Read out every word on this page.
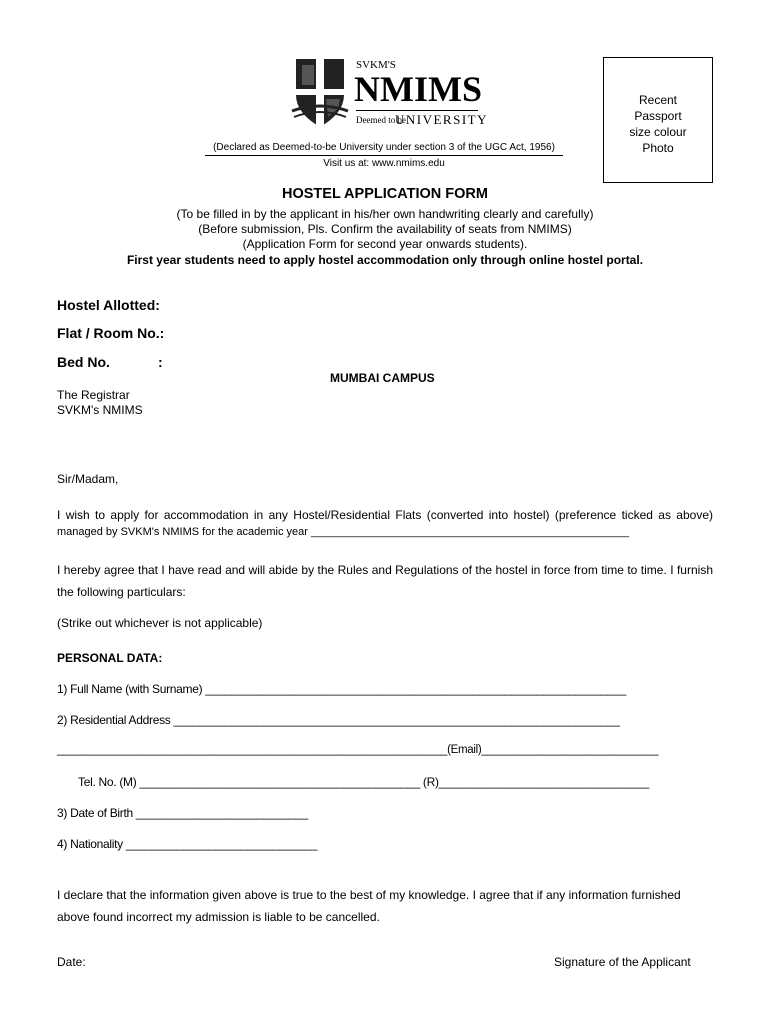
SVKM'S
NMIMS
Deemed to be
UNIVERSITY
(Declared as Deemed-to-be University under section 3 of the UGC Act, 1956)
Visit us at: www.nmims.edu
Recent
Passport
size colour
Photo
HOSTEL APPLICATION FORM
(To be filled in by the applicant in his/her own handwriting clearly and carefully)
(Before submission, Pls. Confirm the availability of seats from NMIMS)
(Application Form for second year onwards students).
First year students need to apply hostel accommodation only through online hostel portal.
Hostel Allotted:
Flat / Room No.:
Bed No.	:
MUMBAI CAMPUS
The Registrar
SVKM's NMIMS
Sir/Madam,
I wish to apply for accommodation in any Hostel/Residential Flats (converted into hostel) (preference ticked as above)
managed by SVKM's NMIMS for the academic year ____________________________________________________
I hereby agree that I have read and will abide by the Rules and Regulations of the hostel in force from time to time. I furnish the following particulars:
(Strike out whichever is not applicable)
PERSONAL DATA:
1) Full Name (with Surname) __________________________________________________________________
2) Residential Address ______________________________________________________________________
________________________________________________________________(Email)_____________________________
Tel. No. (M) ____________________________________________ (R)_________________________________
3) Date of Birth ___________________________
4) Nationality ______________________________
I declare that the information given above is true to the best of my knowledge. I agree that if any information furnished above found incorrect my admission is liable to be cancelled.
Date:	Signature of the Applicant
